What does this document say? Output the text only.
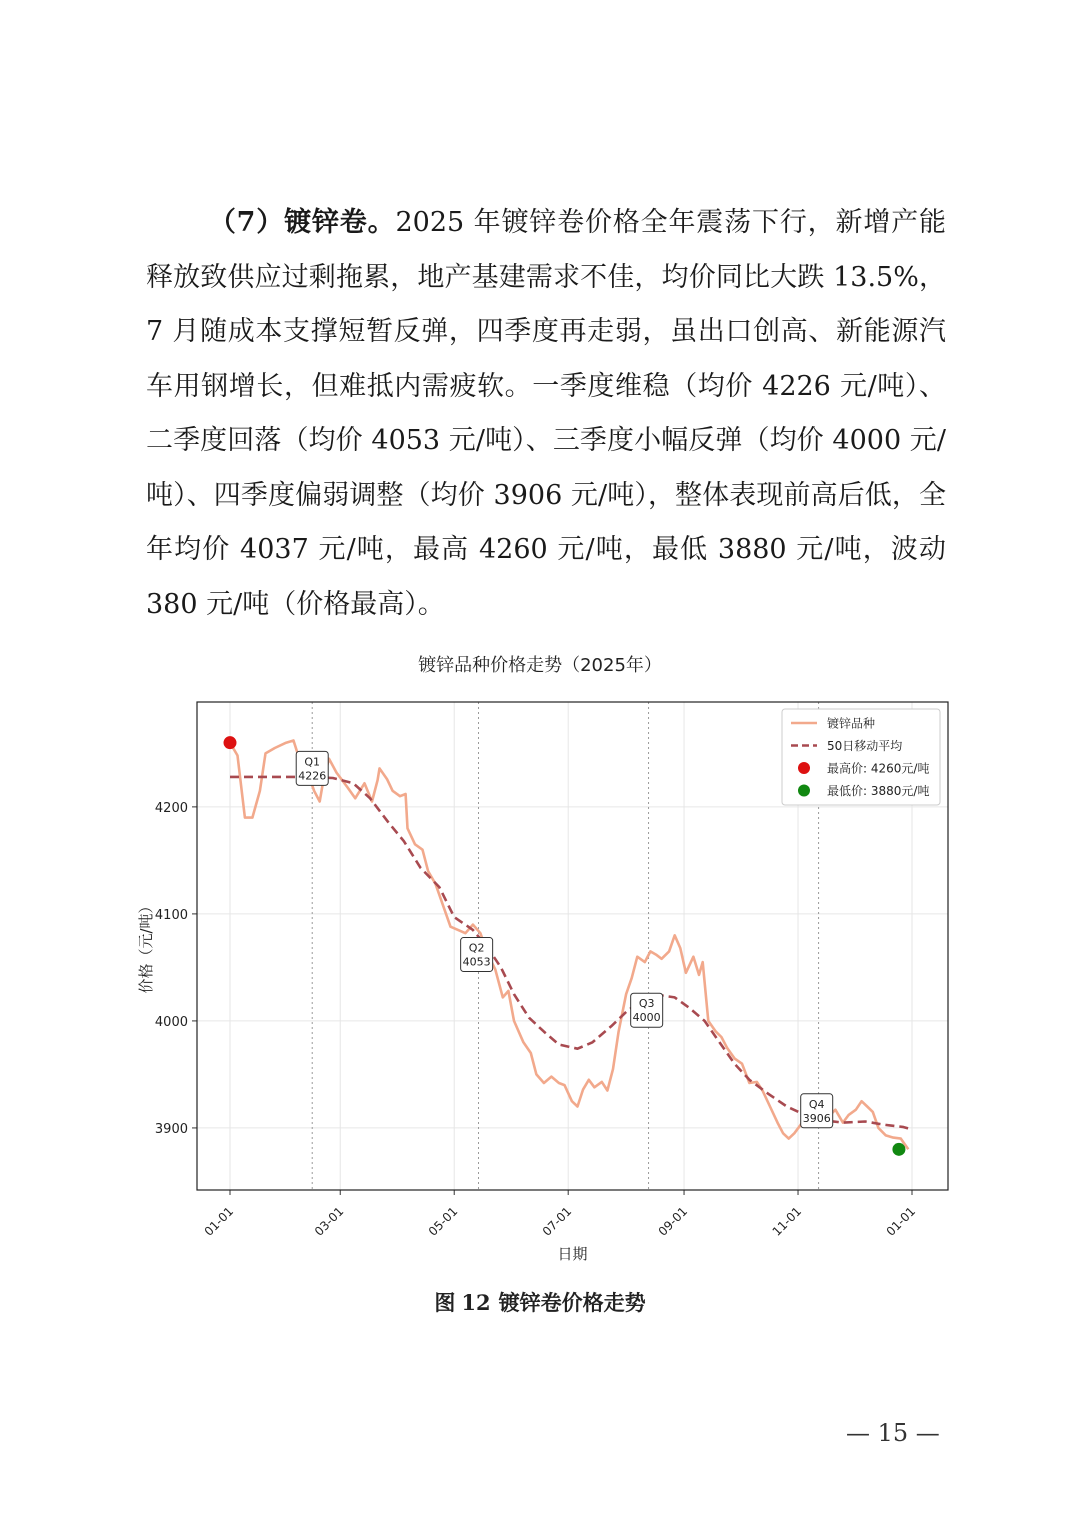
（7）镀锌卷。2025 年镀锌卷价格全年震荡下行，新增产能释放致供应过剩拖累，地产基建需求不佳，均价同比大跌 13.5%，7 月随成本支撑短暂反弹，四季度再走弱，虽出口创高、新能源汽车用钢增长，但难抵内需疲软。一季度维稳（均价 4226 元/吨）、二季度回落（均价 4053 元/吨）、三季度小幅反弹（均价 4000 元/吨）、四季度偏弱调整（均价 3906 元/吨），整体表现前高后低，全年均价 4037 元/吨，最高 4260 元/吨，最低 3880 元/吨，波动 380 元/吨（价格最高）。

镀锌品种价格走势（2025年）
3900
4000
4100
4200
01-01	03-01	05-01	07-01	09-01	11-01	01-01
Q1
4226
Q2
4053
Q3
4000
Q4
3906
镀锌品种
50日移动平均
最高价: 4260元/吨
最低价: 3880元/吨
日期
价格（元/吨）
图 12 镀锌卷价格走势
— 15 —
